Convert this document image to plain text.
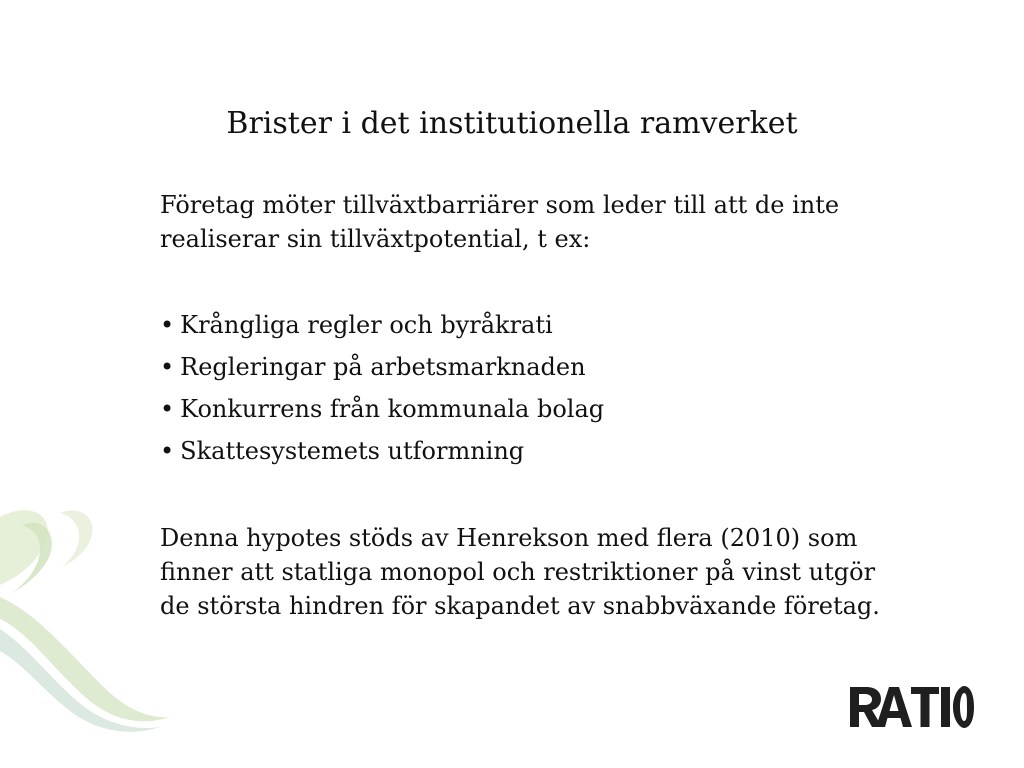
Brister i det institutionella ramverket
Företag möter tillväxtbarriärer som leder till att de inte realiserar sin tillväxtpotential, t ex:
• Krångliga regler och byråkrati
• Regleringar på arbetsmarknaden
• Konkurrens från kommunala bolag
• Skattesystemets utformning
Denna hypotes stöds av Henrekson med flera (2010) som finner att statliga monopol och restriktioner på vinst utgör de största hindren för skapandet av snabbväxande företag.
